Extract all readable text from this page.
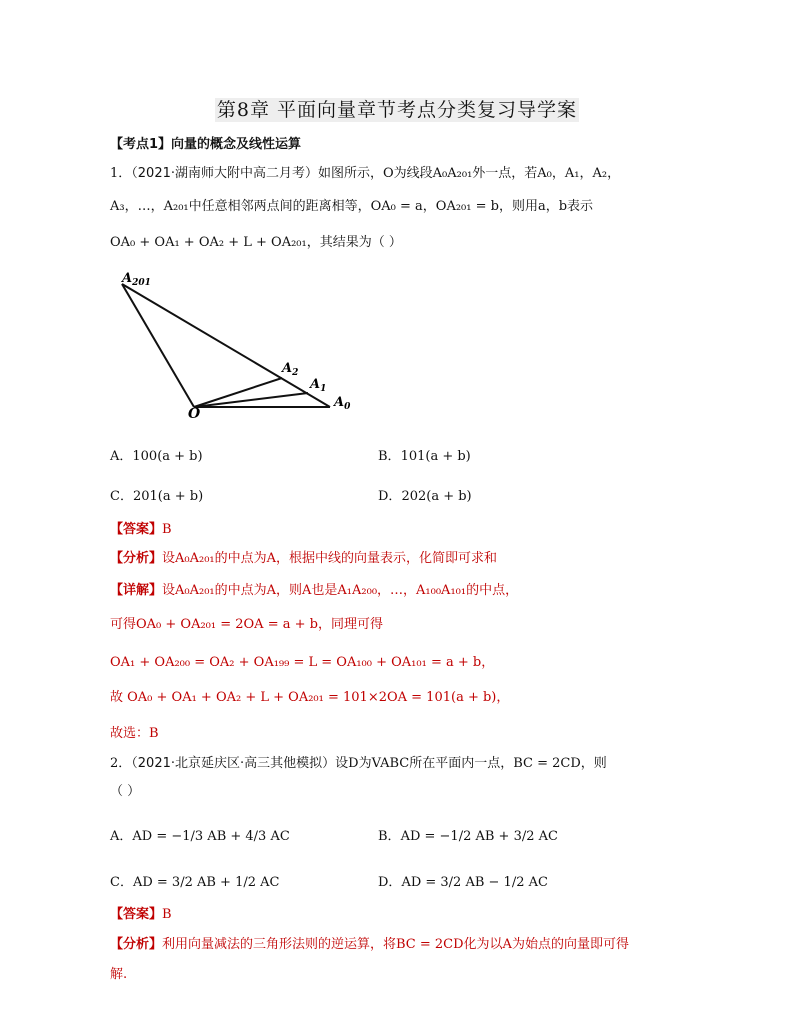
第8章 平面向量章节考点分类复习导学案
【考点1】向量的概念及线性运算
1．（2021·湖南师大附中高二月考）如图所示，O为线段A₀A₂₀₁外一点，若A₀，A₁，A₂，
A₃，…，A₂₀₁中任意相邻两点间的距离相等，OA₀ = a，OA₂₀₁ = b，则用a，b表示
OA₀ + OA₁ + OA₂ + L + OA₂₀₁，其结果为（ ）
$A_{201}$
$A_2$
$A_1$
$A_0$
O
A．100(a + b)	B．101(a + b)
C．201(a + b)	D．202(a + b)
【答案】B
【分析】设A₀A₂₀₁的中点为A，根据中线的向量表示，化简即可求和
【详解】设A₀A₂₀₁的中点为A，则A也是A₁A₂₀₀，…，A₁₀₀A₁₀₁的中点，
可得OA₀ + OA₂₀₁ = 2OA = a + b，同理可得
OA₁ + OA₂₀₀ = OA₂ + OA₁₉₉ = L = OA₁₀₀ + OA₁₀₁ = a + b，
故 OA₀ + OA₁ + OA₂ + L + OA₂₀₁ = 101×2OA = 101(a + b)，
故选：B
2．（2021·北京延庆区·高三其他模拟）设D为VABC所在平面内一点，BC = 2CD，则
（ ）
A．AD = −1/3 AB + 4/3 AC	B．AD = −1/2 AB + 3/2 AC
C．AD = 3/2 AB + 1/2 AC	D．AD = 3/2 AB − 1/2 AC
【答案】B
【分析】利用向量减法的三角形法则的逆运算，将BC = 2CD化为以A为始点的向量即可得
解.
